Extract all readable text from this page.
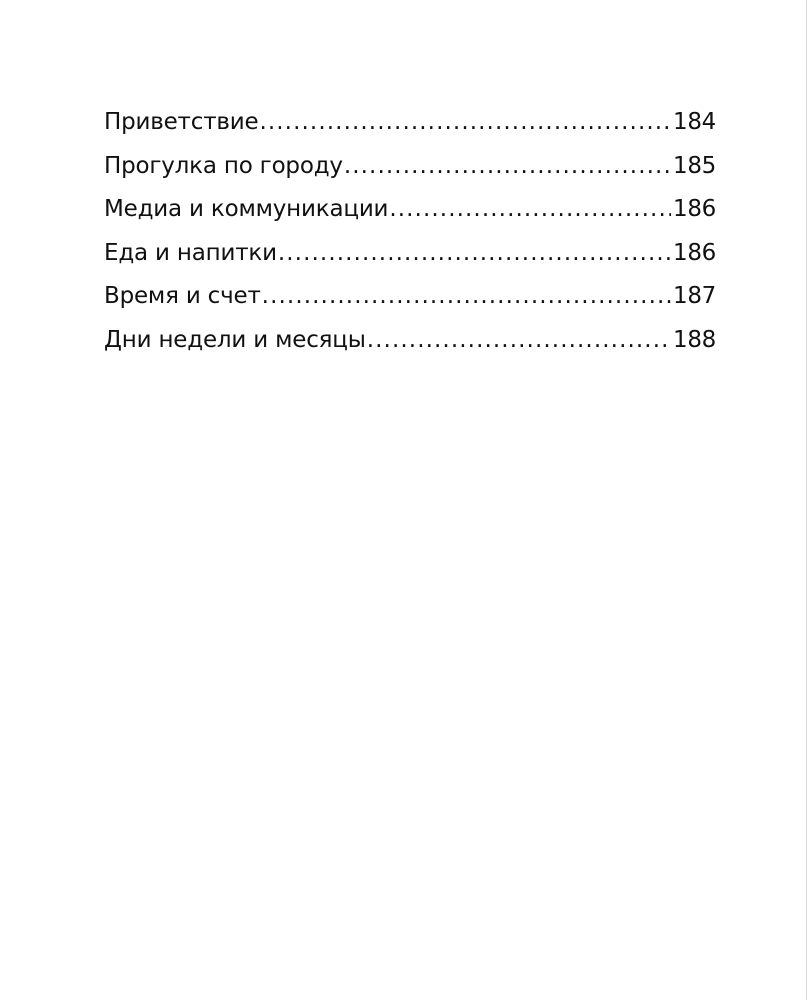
Приветствие .....	184
Прогулка по городу .....	185
Медиа и коммуникации .....	186
Еда и напитки .....	186
Время и счет .....	187
Дни недели и месяцы .....	188
